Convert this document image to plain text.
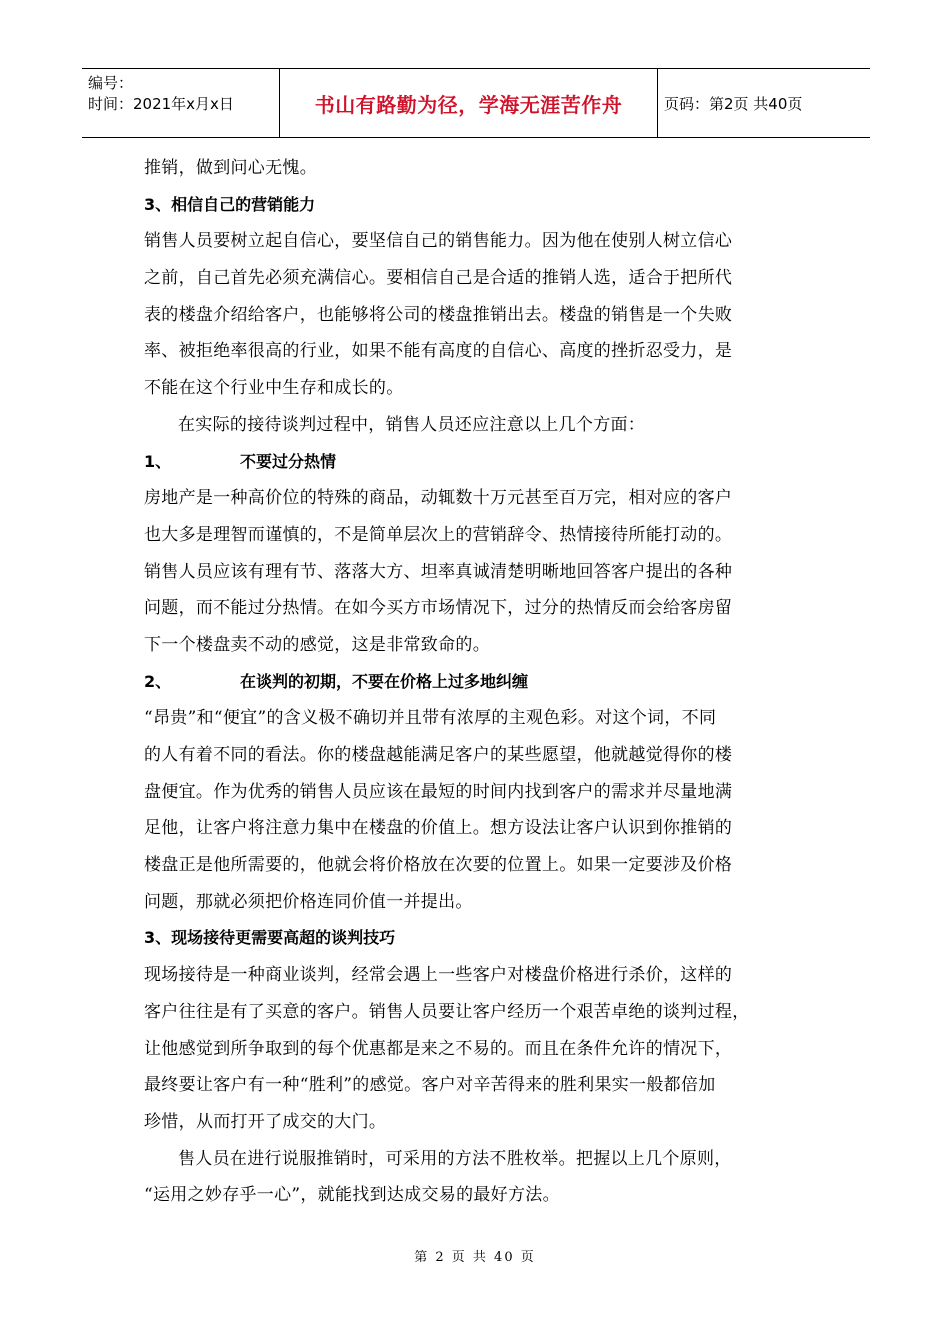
编号：
时间：2021年x月x日	书山有路勤为径，学海无涯苦作舟	页码：第2页 共40页
推销，做到问心无愧。
3、相信自己的营销能力
销售人员要树立起自信心，要坚信自己的销售能力。因为他在使别人树立信心
之前，自己首先必须充满信心。要相信自己是合适的推销人选，适合于把所代
表的楼盘介绍给客户，也能够将公司的楼盘推销出去。楼盘的销售是一个失败
率、被拒绝率很高的行业，如果不能有高度的自信心、高度的挫折忍受力，是
不能在这个行业中生存和成长的。
在实际的接待谈判过程中，销售人员还应注意以上几个方面：
1、	不要过分热情
房地产是一种高价位的特殊的商品，动辄数十万元甚至百万完，相对应的客户
也大多是理智而谨慎的，不是简单层次上的营销辞令、热情接待所能打动的。
销售人员应该有理有节、落落大方、坦率真诚清楚明晰地回答客户提出的各种
问题，而不能过分热情。在如今买方市场情况下，过分的热情反而会给客房留
下一个楼盘卖不动的感觉，这是非常致命的。
2、	在谈判的初期，不要在价格上过多地纠缠
“昂贵”和“便宜”的含义极不确切并且带有浓厚的主观色彩。对这个词，不同
的人有着不同的看法。你的楼盘越能满足客户的某些愿望，他就越觉得你的楼
盘便宜。作为优秀的销售人员应该在最短的时间内找到客户的需求并尽量地满
足他，让客户将注意力集中在楼盘的价值上。想方设法让客户认识到你推销的
楼盘正是他所需要的，他就会将价格放在次要的位置上。如果一定要涉及价格
问题，那就必须把价格连同价值一并提出。
3、现场接待更需要高超的谈判技巧
现场接待是一种商业谈判，经常会遇上一些客户对楼盘价格进行杀价，这样的
客户往往是有了买意的客户。销售人员要让客户经历一个艰苦卓绝的谈判过程，
让他感觉到所争取到的每个优惠都是来之不易的。而且在条件允许的情况下，
最终要让客户有一种“胜利”的感觉。客户对辛苦得来的胜利果实一般都倍加
珍惜，从而打开了成交的大门。
售人员在进行说服推销时，可采用的方法不胜枚举。把握以上几个原则，
“运用之妙存乎一心”，就能找到达成交易的最好方法。
第 2 页 共 40 页
